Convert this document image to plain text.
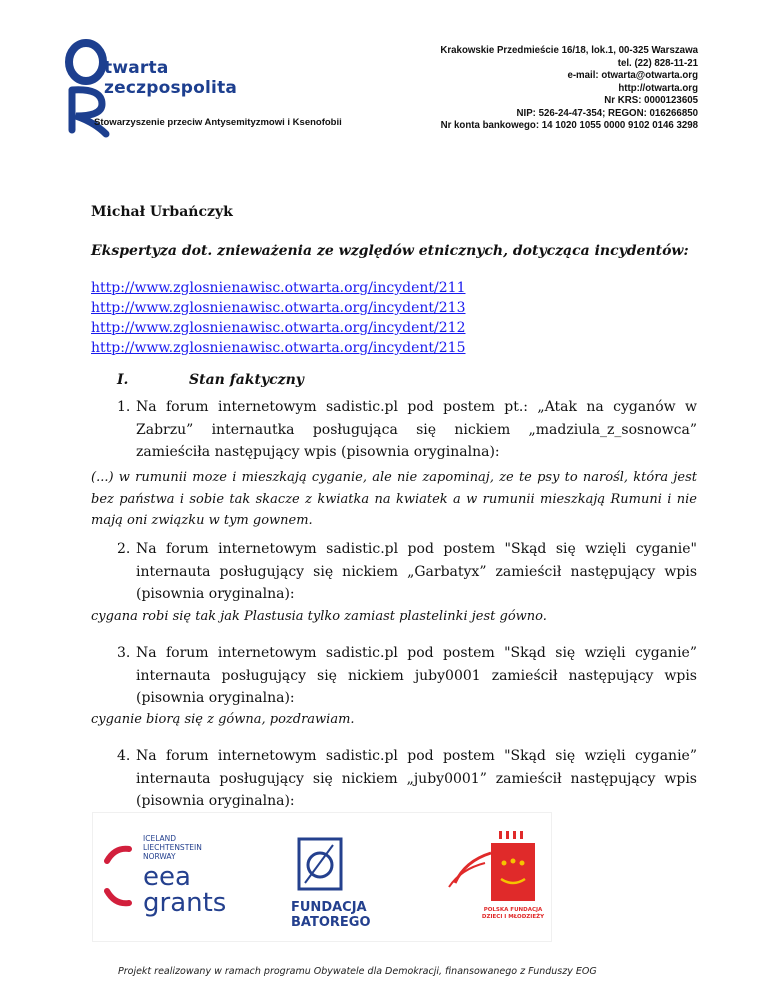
twarta
zeczpospolita
Stowarzyszenie przeciw Antysemityzmowi i Ksenofobii
Krakowskie Przedmieście 16/18, lok.1, 00-325 Warszawa
tel. (22) 828-11-21
e-mail: otwarta@otwarta.org
http://otwarta.org
Nr KRS: 0000123605
NIP: 526-24-47-354; REGON: 016266850
Nr konta bankowego: 14 1020 1055 0000 9102 0146 3298
Michał Urbańczyk
Ekspertyza dot. znieważenia ze względów etnicznych, dotycząca incydentów:
http://www.zglosnienawisc.otwarta.org/incydent/211
http://www.zglosnienawisc.otwarta.org/incydent/213
http://www.zglosnienawisc.otwarta.org/incydent/212
http://www.zglosnienawisc.otwarta.org/incydent/215
I.	Stan faktyczny
1. Na forum internetowym sadistic.pl pod postem pt.: „Atak na cyganów w Zabrzu” internautka posługująca się nickiem „madziula_z_sosnowca” zamieściła następujący wpis (pisownia oryginalna):
(...) w rumunii moze i mieszkają cyganie, ale nie zapominaj, ze te psy to narośl, która jest bez państwa i sobie tak skacze z kwiatka na kwiatek a w rumunii mieszkają Rumuni i nie mają oni związku w tym gownem.
2. Na forum internetowym sadistic.pl pod postem "Skąd się wzięli cyganie" internauta posługujący się nickiem „Garbatyx” zamieścił następujący wpis (pisownia oryginalna):
cygana robi się tak jak Plastusia tylko zamiast plastelinki jest gówno.
3. Na forum internetowym sadistic.pl pod postem "Skąd się wzięli cyganie” internauta posługujący się nickiem juby0001 zamieścił następujący wpis (pisownia oryginalna):
cyganie biorą się z gówna, pozdrawiam.
4. Na forum internetowym sadistic.pl pod postem "Skąd się wzięli cyganie” internauta posługujący się nickiem „juby0001” zamieścił następujący wpis (pisownia oryginalna):
ICELAND
LIECHTENSTEIN
NORWAY
eea
grants	FUNDACJA
BATOREGO
POLSKA FUNDACJA
DZIECI I MŁODZIEŻY
Projekt realizowany w ramach programu Obywatele dla Demokracji, finansowanego z Funduszy EOG
